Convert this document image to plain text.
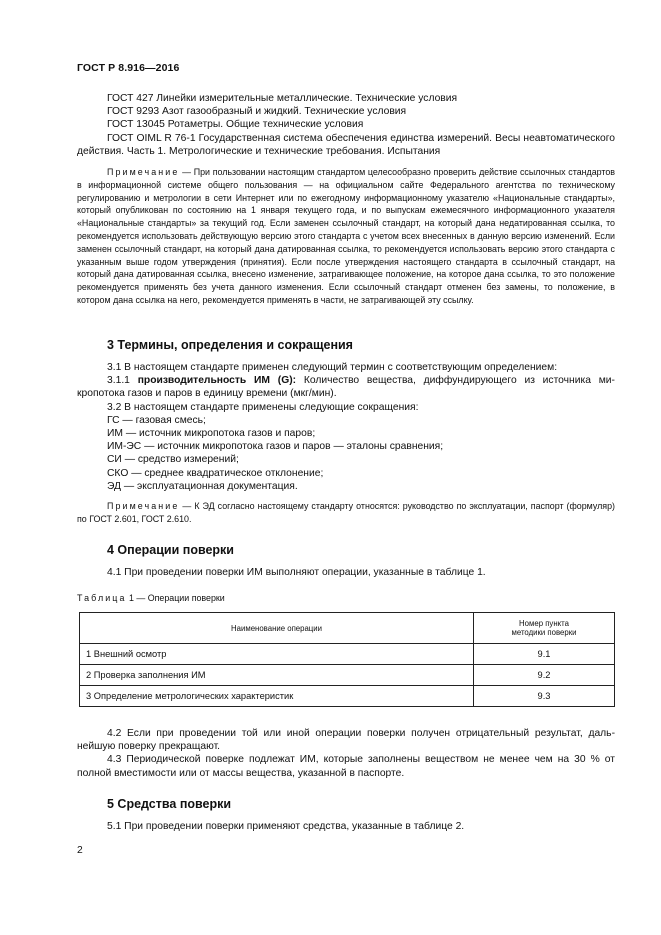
ГОСТ Р 8.916—2016

ГОСТ 427 Линейки измерительные металлические. Технические условия

ГОСТ 9293 Азот газообразный и жидкий. Технические условия

ГОСТ 13045 Ротаметры. Общие технические условия

ГОСТ OIML R 76-1 Государственная система обеспечения единства измерений. Весы неавтоматического действия. Часть 1. Метрологические и технические требования. Испытания

Примечание — При пользовании настоящим стандартом целесообразно проверить действие ссылочных стандартов в информационной системе общего пользования — на официальном сайте Федерального агентства по техническому регулированию и метрологии в сети Интернет или по ежегодному информационному указателю «Национальные стандарты», который опубликован по состоянию на 1 января текущего года, и по выпускам ежемесячного информационного указателя «Национальные стандарты» за текущий год. Если заменен ссылочный стандарт, на который дана недатированная ссылка, то рекомендуется использовать действующую версию этого стандарта с учетом всех внесенных в данную версию изменений. Если заменен ссылочный стандарт, на который дана датированная ссылка, то рекомендуется использовать версию этого стандарта с указанным выше годом утверждения (принятия). Если после утверждения настоящего стандарта в ссылочный стандарт, на который дана датированная ссылка, внесено изменение, затрагивающее положение, на которое дана ссылка, то это положение рекомендуется применять без учета данного изменения. Если ссылочный стандарт отменен без замены, то положение, в котором дана ссылка на него, рекомендуется применять в части, не затрагивающей эту ссылку.

3 Термины, определения и сокращения

3.1 В настоящем стандарте применен следующий термин с соответствующим определением:

3.1.1 производительность ИМ (G): Количество вещества, диффундирующего из источника микропотока газов и паров в единицу времени (мкг/мин).

3.2 В настоящем стандарте применены следующие сокращения:

ГС — газовая смесь;

ИМ — источник микропотока газов и паров;

ИМ-ЭС — источник микропотока газов и паров — эталоны сравнения;

СИ — средство измерений;

СКО — среднее квадратическое отклонение;

ЭД — эксплуатационная документация.

Примечание — К ЭД согласно настоящему стандарту относятся: руководство по эксплуатации, паспорт (формуляр) по ГОСТ 2.601, ГОСТ 2.610.

4 Операции поверки

4.1 При проведении поверки ИМ выполняют операции, указанные в таблице 1.

Таблица 1 — Операции поверки
Наименование операции	Номер пункта
методики поверки
1 Внешний осмотр	9.1
2 Проверка заполнения ИМ	9.2
3 Определение метрологических характеристик	9.3

4.2 Если при проведении той или иной операции поверки получен отрицательный результат, дальнейшую поверку прекращают.

4.3 Периодической поверке подлежат ИМ, которые заполнены веществом не менее чем на 30 % от полной вместимости или от массы вещества, указанной в паспорте.

5 Средства поверки

5.1 При проведении поверки применяют средства, указанные в таблице 2.

2
